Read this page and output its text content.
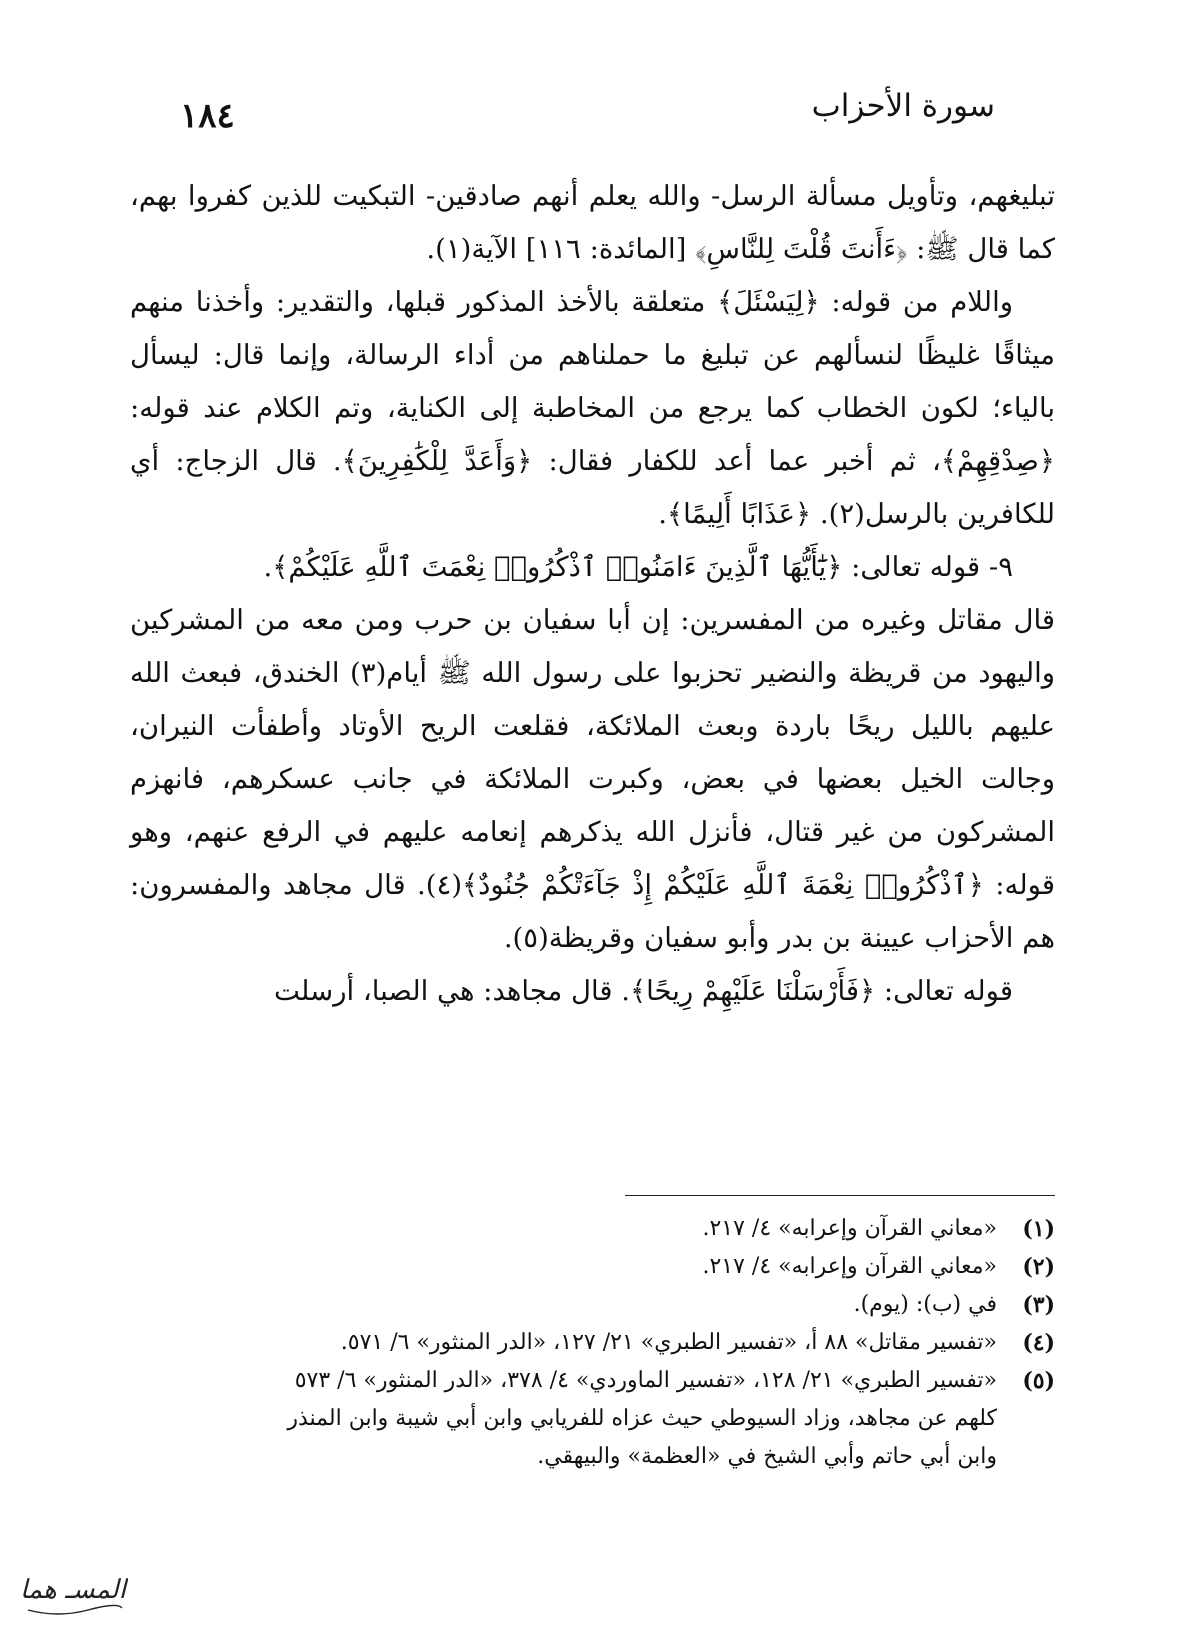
١٨٤	سورة الأحزاب

تبليغهم، وتأويل مسألة الرسل- والله يعلم أنهم صادقين- التبكيت للذين كفروا بهم، كما قال ﷺ: ﴿ءَأَنتَ قُلْتَ لِلنَّاسِ﴾ [المائدة: ١١٦] الآية(١).

واللام من قوله: ﴿لِيَسْئَلَ﴾ متعلقة بالأخذ المذكور قبلها، والتقدير: وأخذنا منهم ميثاقًا غليظًا لنسألهم عن تبليغ ما حملناهم من أداء الرسالة، وإنما قال: ليسأل بالياء؛ لكون الخطاب كما يرجع من المخاطبة إلى الكناية، وتم الكلام عند قوله: ﴿صِدْقِهِمْ﴾، ثم أخبر عما أعد للكفار فقال: ﴿وَأَعَدَّ لِلْكَٰفِرِينَ﴾. قال الزجاج: أي للكافرين بالرسل(٢). ﴿عَذَابًا أَلِيمًا﴾.

٩- قوله تعالى: ﴿يَٰٓأَيُّهَا ٱلَّذِينَ ءَامَنُوا۟ ٱذْكُرُوا۟ نِعْمَتَ ٱللَّهِ عَلَيْكُمْ﴾.

قال مقاتل وغيره من المفسرين: إن أبا سفيان بن حرب ومن معه من المشركين واليهود من قريظة والنضير تحزبوا على رسول الله ﷺ أيام(٣) الخندق، فبعث الله عليهم بالليل ريحًا باردة وبعث الملائكة، فقلعت الريح الأوتاد وأطفأت النيران، وجالت الخيل بعضها في بعض، وكبرت الملائكة في جانب عسكرهم، فانهزم المشركون من غير قتال، فأنزل الله يذكرهم إنعامه عليهم في الرفع عنهم، وهو قوله: ﴿ٱذْكُرُوا۟ نِعْمَةَ ٱللَّهِ عَلَيْكُمْ إِذْ جَآءَتْكُمْ جُنُودٌ﴾(٤). قال مجاهد والمفسرون: هم الأحزاب عيينة بن بدر وأبو سفيان وقريظة(٥).

قوله تعالى: ﴿فَأَرْسَلْنَا عَلَيْهِمْ رِيحًا﴾. قال مجاهد: هي الصبا، أرسلت

(١)
«معاني القرآن وإعرابه» ٤/ ٢١٧.
(٢)
«معاني القرآن وإعرابه» ٤/ ٢١٧.
(٣)
في (ب): (يوم).
(٤)
«تفسير مقاتل» ٨٨ أ، «تفسير الطبري» ٢١/ ١٢٧، «الدر المنثور» ٦/ ٥٧١.
(٥)
«تفسير الطبري» ٢١/ ١٢٨، «تفسير الماوردي» ٤/ ٣٧٨، «الدر المنثور» ٦/ ٥٧٣
كلهم عن مجاهد، وزاد السيوطي حيث عزاه للفريابي وابن أبي شيبة وابن المنذر
وابن أبي حاتم وأبي الشيخ في «العظمة» والبيهقي.
المسـ هما
